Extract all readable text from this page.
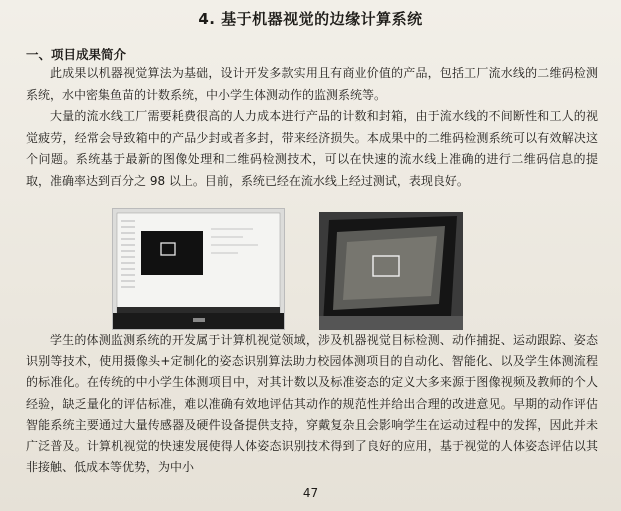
4. 基于机器视觉的边缘计算系统
一、项目成果简介

此成果以机器视觉算法为基础，设计开发多款实用且有商业价值的产品，包括工厂流水线的二维码检测系统，水中密集鱼苗的计数系统，中小学生体测动作的监测系统等。

大量的流水线工厂需要耗费很高的人力成本进行产品的计数和封箱，由于流水线的不间断性和工人的视觉疲劳，经常会导致箱中的产品少封或者多封，带来经济损失。本成果中的二维码检测系统可以有效解决这个问题。系统基于最新的图像处理和二维码检测技术，可以在快速的流水线上准确的进行二维码信息的提取，准确率达到百分之 98 以上。目前，系统已经在流水线上经过测试，表现良好。

学生的体测监测系统的开发属于计算机视觉领域，涉及机器视觉目标检测、动作捕捉、运动跟踪、姿态识别等技术，使用摄像头+定制化的姿态识别算法助力校园体测项目的自动化、智能化、以及学生体测流程的标准化。在传统的中小学生体测项目中，对其计数以及标准姿态的定义大多来源于图像视频及教师的个人经验，缺乏量化的评估标准，难以准确有效地评估其动作的规范性并给出合理的改进意见。早期的动作评估智能系统主要通过大量传感器及硬件设备提供支持，穿戴复杂且会影响学生在运动过程中的发挥，因此并未广泛普及。计算机视觉的快速发展使得人体姿态识别技术得到了良好的应用，基于视觉的人体姿态评估以其非接触、低成本等优势，为中小

47
